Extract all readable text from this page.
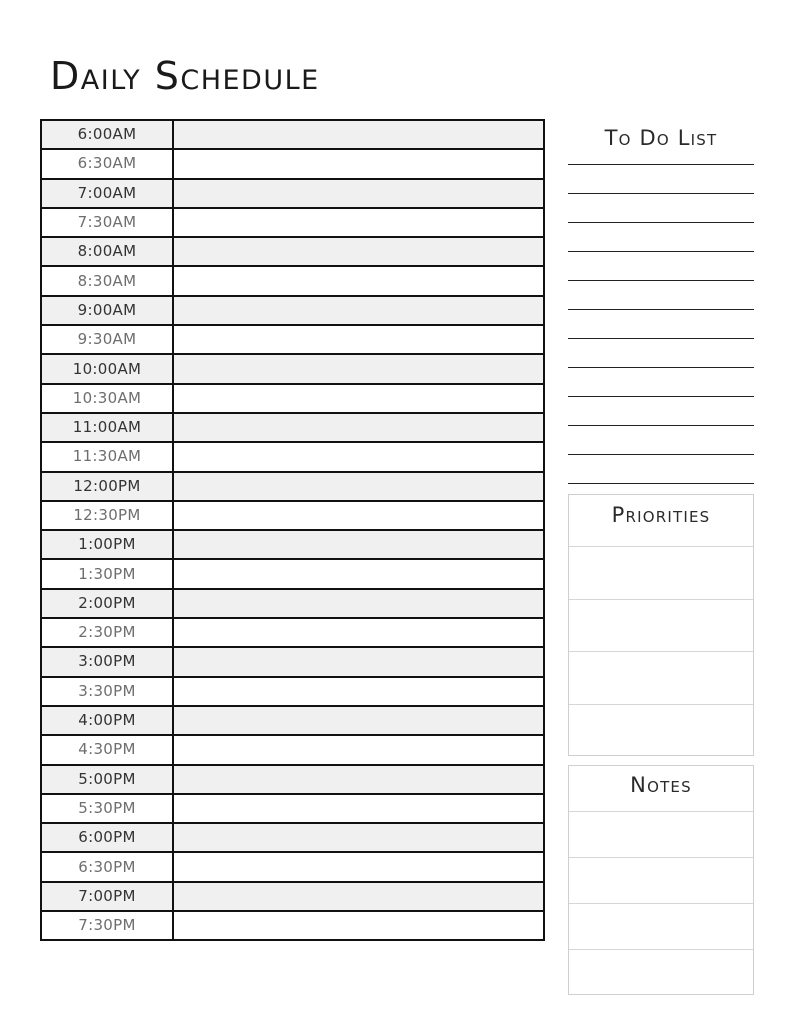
Daily Schedule
6:00AM	
6:30AM	
7:00AM	
7:30AM	
8:00AM	
8:30AM	
9:00AM	
9:30AM	
10:00AM	
10:30AM	
11:00AM	
11:30AM	
12:00PM	
12:30PM	
1:00PM	
1:30PM	
2:00PM	
2:30PM	
3:00PM	
3:30PM	
4:00PM	
4:30PM	
5:00PM	
5:30PM	
6:00PM	
6:30PM	
7:00PM	
7:30PM	
To Do List
Priorities
Notes
